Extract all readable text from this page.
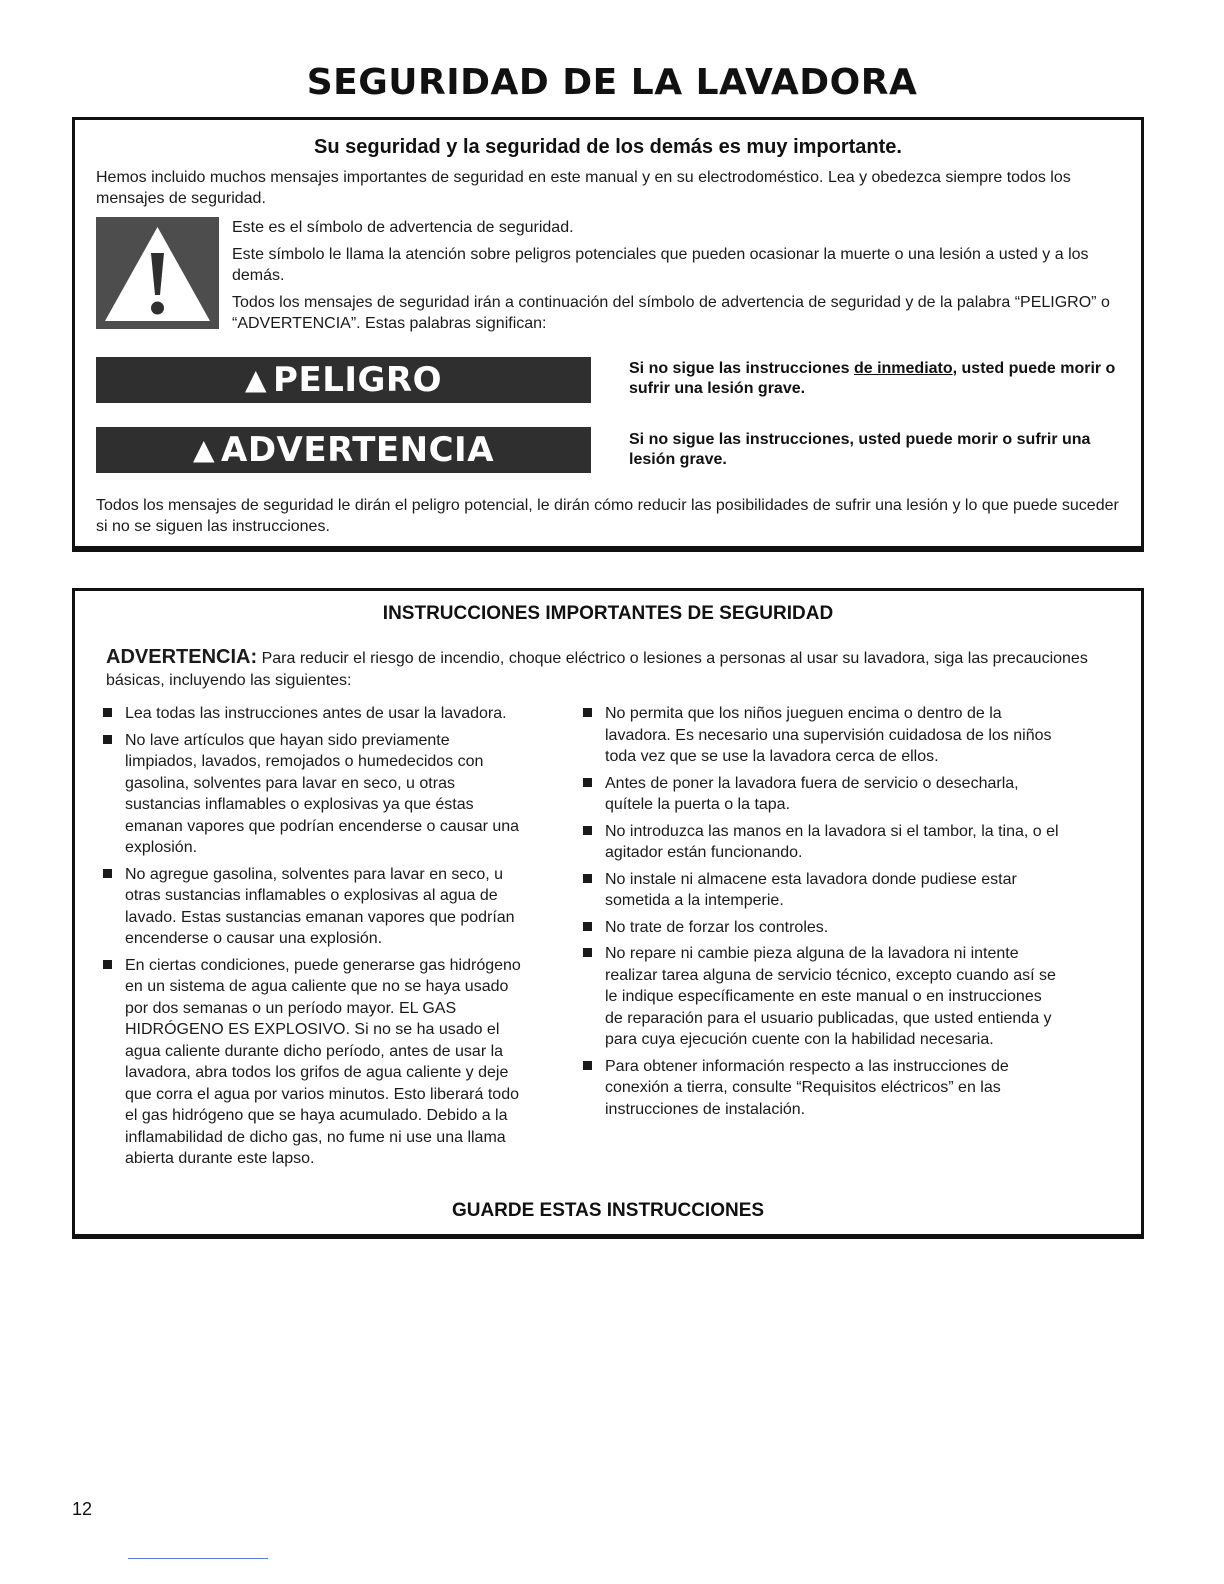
SEGURIDAD DE LA LAVADORA
Su seguridad y la seguridad de los demás es muy importante.
Hemos incluido muchos mensajes importantes de seguridad en este manual y en su electrodoméstico. Lea y obedezca siempre todos los mensajes de seguridad.

Este es el símbolo de advertencia de seguridad.

Este símbolo le llama la atención sobre peligros potenciales que pueden ocasionar la muerte o una lesión a usted y a los demás.

Todos los mensajes de seguridad irán a continuación del símbolo de advertencia de seguridad y de la palabra “PELIGRO” o “ADVERTENCIA”. Estas palabras significan:

▲ PELIGRO	Si no sigue las instrucciones de inmediato, usted puede morir o sufrir una lesión grave.
▲ ADVERTENCIA	Si no sigue las instrucciones, usted puede morir o sufrir una lesión grave.
Todos los mensajes de seguridad le dirán el peligro potencial, le dirán cómo reducir las posibilidades de sufrir una lesión y lo que puede suceder si no se siguen las instrucciones.
INSTRUCCIONES IMPORTANTES DE SEGURIDAD
ADVERTENCIA: Para reducir el riesgo de incendio, choque eléctrico o lesiones a personas al usar su lavadora, siga las precauciones básicas, incluyendo las siguientes:
Lea todas las instrucciones antes de usar la lavadora.
No lave artículos que hayan sido previamente limpiados, lavados, remojados o humedecidos con gasolina, solventes para lavar en seco, u otras sustancias inflamables o explosivas ya que éstas emanan vapores que podrían encenderse o causar una explosión.
No agregue gasolina, solventes para lavar en seco, u otras sustancias inflamables o explosivas al agua de lavado. Estas sustancias emanan vapores que podrían encenderse o causar una explosión.
En ciertas condiciones, puede generarse gas hidrógeno en un sistema de agua caliente que no se haya usado por dos semanas o un período mayor. EL GAS HIDRÓGENO ES EXPLOSIVO. Si no se ha usado el agua caliente durante dicho período, antes de usar la lavadora, abra todos los grifos de agua caliente y deje que corra el agua por varios minutos. Esto liberará todo el gas hidrógeno que se haya acumulado. Debido a la inflamabilidad de dicho gas, no fume ni use una llama abierta durante este lapso.
No permita que los niños jueguen encima o dentro de la lavadora. Es necesario una supervisión cuidadosa de los niños toda vez que se use la lavadora cerca de ellos.
Antes de poner la lavadora fuera de servicio o desecharla, quítele la puerta o la tapa.
No introduzca las manos en la lavadora si el tambor, la tina, o el agitador están funcionando.
No instale ni almacene esta lavadora donde pudiese estar sometida a la intemperie.
No trate de forzar los controles.
No repare ni cambie pieza alguna de la lavadora ni intente realizar tarea alguna de servicio técnico, excepto cuando así se le indique específicamente en este manual o en instrucciones de reparación para el usuario publicadas, que usted entienda y para cuya ejecución cuente con la habilidad necesaria.
Para obtener información respecto a las instrucciones de conexión a tierra, consulte “Requisitos eléctricos” en las instrucciones de instalación.
GUARDE ESTAS INSTRUCCIONES
12
